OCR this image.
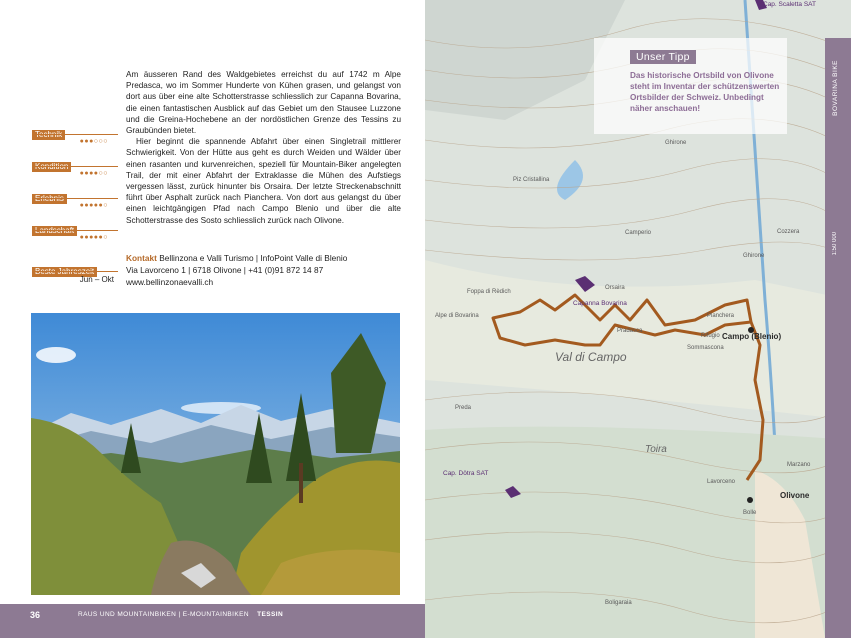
Am äusseren Rand des Waldgebietes erreichst du auf 1742 m Alpe Predasca, wo im Sommer Hunderte von Kühen grasen, und gelangst von dort aus über eine alte Schotterstrasse schliesslich zur Capanna Bovarina, die einen fantastischen Ausblick auf das Gebiet um den Stausee Luzzone und die Greina-Hochebene an der nordöstlichen Grenze des Tessins zu Graubünden bietet.

Hier beginnt die spannende Abfahrt über einen Singletrail mittlerer Schwierigkeit. Von der Hütte aus geht es durch Weiden und Wälder über einen rasanten und kurvenreichen, speziell für Mountain-Biker angelegten Trail, der mit einer Abfahrt der Extraklasse die Mühen des Aufstiegs vergessen lässt, zurück hinunter bis Orsaira. Der letzte Streckenabschnitt führt über Asphalt zurück nach Pianchera. Von dort aus gelangst du über einen leichtgängigen Pfad nach Campo Blenio und über die alte Schotterstrasse des Sosto schliesslich zurück nach Olivone.

●●●○○○
●●●●○○
●●●●●○
●●●●●○
Jun – Okt
Kontakt Bellinzona e Valli Turismo | InfoPoint Valle di Blenio
Via Lavorceno 1 | 6718 Olivone | +41 (0)91 872 14 87
www.bellinzonaevalli.ch
36	RAUS UND MOUNTAINBIKEN | E-MOUNTAINBIKEN TESSIN
Campo (Blenio)
Olivone
Ghirone
Marzano
Lavorceno
Capanna Bovarina
Cap. Dötra SAT
Cap. Scaletta SAT
Piz Cristallina
Val di Campo
Toira
Preda
Sommascona
Orsaira
Pianchera
Rifugio
Ghirone
Cozzera
Alpe di Bovarina
Foppa di Rèdich
Bolle
Pradasca
Camperio
Boligaraia
Unser Tipp
Das historische Ortsbild von Olivone steht im Inventar der schützenswerten Ortsbilder der Schweiz. Unbedingt näher anschauen!	BOVARINA BIKE
1:50 000
